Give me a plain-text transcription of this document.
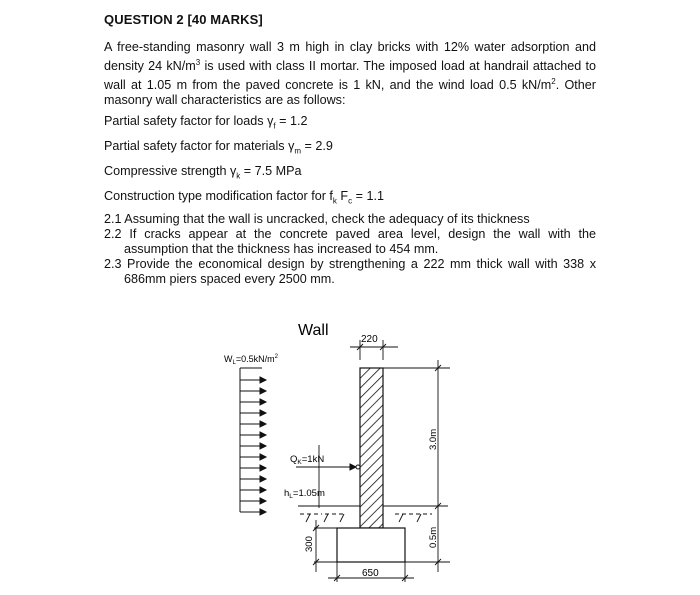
QUESTION 2 [40 MARKS]
A free-standing masonry wall 3 m high in clay bricks with 12% water adsorption and density 24 $kN/m^3$ is used with class II mortar. The imposed load at handrail attached to wall at 1.05 m from the paved concrete is 1 kN, and the wind load 0.5 $kN/m^2$. Other masonry wall characteristics are as follows:
Partial safety factor for loads $\gamma_f = 1.2$
Partial safety factor for materials $\gamma_m = 2.9$
Compressive strength $\gamma_k = 7.5$ MPa
Construction type modification factor for $f_k$ $F_c = 1.1$
2.1 Assuming that the wall is uncracked, check the adequacy of its thickness
2.2 If cracks appear at the concrete paved area level, design the wall with the assumption that the thickness has increased to 454 mm.
2.3 Provide the economical design by strengthening a 222 mm thick wall with 338 x 686mm piers spaced every 2500 mm.
Wall
220
$W_L=0.5kN/m^2$
$Q_K=1kN$
$h_L=1.05m$
3.0m
0.5m
300
650
